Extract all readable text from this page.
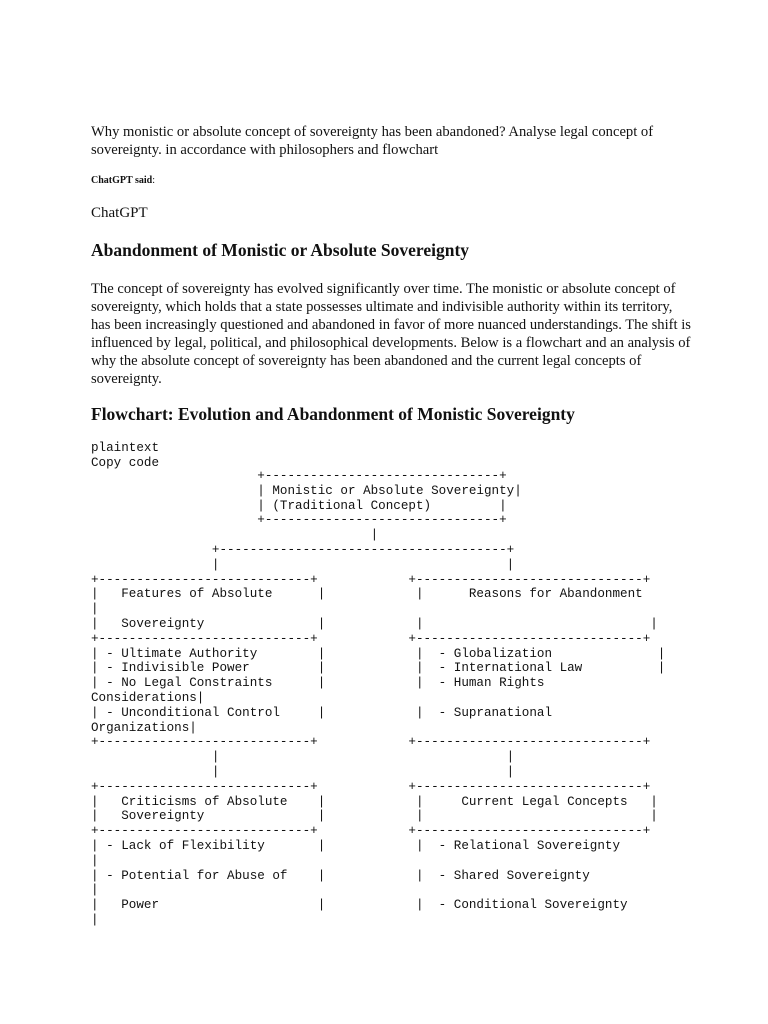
Why monistic or absolute concept of sovereignty has been abandoned? Analyse legal concept of sovereignty. in accordance with philosophers and flowchart
ChatGPT said:
ChatGPT
Abandonment of Monistic or Absolute Sovereignty

The concept of sovereignty has evolved significantly over time. The monistic or absolute concept of sovereignty, which holds that a state possesses ultimate and indivisible authority within its territory, has been increasingly questioned and abandoned in favor of more nuanced understandings. The shift is influenced by legal, political, and philosophical developments. Below is a flowchart and an analysis of why the absolute concept of sovereignty has been abandoned and the current legal concepts of sovereignty.

Flowchart: Evolution and Abandonment of Monistic Sovereignty
plaintext
Copy code
+-------------------------------+
| Monistic or Absolute Sovereignty|
| (Traditional Concept)         |
+-------------------------------+
|
+--------------------------------------+
|                                      |
+----------------------------+            +------------------------------+
|   Features of Absolute      |            |      Reasons for Abandonment
|
|   Sovereignty               |            |                              |
+----------------------------+            +------------------------------+
| - Ultimate Authority        |            |  - Globalization              |
| - Indivisible Power         |            |  - International Law          |
| - No Legal Constraints      |            |  - Human Rights
Considerations|
| - Unconditional Control     |            |  - Supranational
Organizations|
+----------------------------+            +------------------------------+
|                                      |
|                                      |
+----------------------------+            +------------------------------+
|   Criticisms of Absolute    |            |     Current Legal Concepts   |
|   Sovereignty               |            |                              |
+----------------------------+            +------------------------------+
| - Lack of Flexibility       |            |  - Relational Sovereignty
|
| - Potential for Abuse of    |            |  - Shared Sovereignty
|
|   Power                     |            |  - Conditional Sovereignty
|
